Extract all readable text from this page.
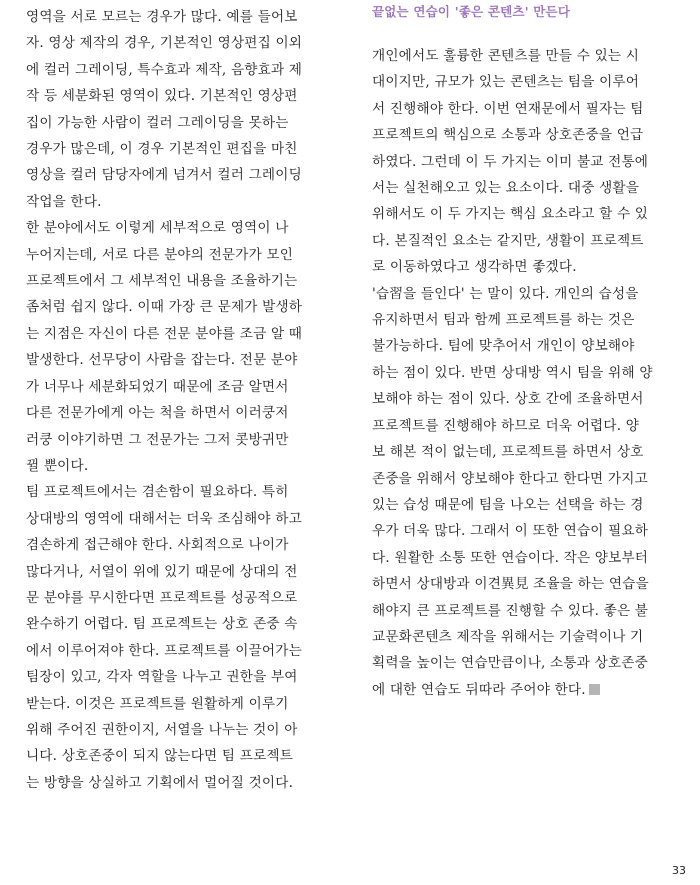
영역을 서로 모르는 경우가 많다. 예를 들어보
자. 영상 제작의 경우, 기본적인 영상편집 이외
에 컬러 그레이딩, 특수효과 제작, 음향효과 제
작 등 세분화된 영역이 있다. 기본적인 영상편
집이 가능한 사람이 컬러 그레이딩을 못하는
경우가 많은데, 이 경우 기본적인 편집을 마친
영상을 컬러 담당자에게 넘겨서 컬러 그레이딩
작업을 한다.

한 분야에서도 이렇게 세부적으로 영역이 나
누어지는데, 서로 다른 분야의 전문가가 모인
프로젝트에서 그 세부적인 내용을 조율하기는
좀처럼 쉽지 않다. 이때 가장 큰 문제가 발생하
는 지점은 자신이 다른 전문 분야를 조금 알 때
발생한다. 선무당이 사람을 잡는다. 전문 분야
가 너무나 세분화되었기 때문에 조금 알면서
다른 전문가에게 아는 척을 하면서 이러쿵저
러쿵 이야기하면 그 전문가는 그저 콧방귀만
뀔 뿐이다.

팀 프로젝트에서는 겸손함이 필요하다. 특히
상대방의 영역에 대해서는 더욱 조심해야 하고
겸손하게 접근해야 한다. 사회적으로 나이가
많다거나, 서열이 위에 있기 때문에 상대의 전
문 분야를 무시한다면 프로젝트를 성공적으로
완수하기 어렵다. 팀 프로젝트는 상호 존중 속
에서 이루어져야 한다. 프로젝트를 이끌어가는
팀장이 있고, 각자 역할을 나누고 권한을 부여
받는다. 이것은 프로젝트를 원활하게 이루기
위해 주어진 권한이지, 서열을 나누는 것이 아
니다. 상호존중이 되지 않는다면 팀 프로젝트
는 방향을 상실하고 기획에서 멀어질 것이다.

끝없는 연습이 '좋은 콘텐츠' 만든다

개인에서도 훌륭한 콘텐츠를 만들 수 있는 시
대이지만, 규모가 있는 콘텐츠는 팀을 이루어
서 진행해야 한다. 이번 연재문에서 필자는 팀
프로젝트의 핵심으로 소통과 상호존중을 언급
하였다. 그런데 이 두 가지는 이미 불교 전통에
서는 실천해오고 있는 요소이다. 대중 생활을
위해서도 이 두 가지는 핵심 요소라고 할 수 있
다. 본질적인 요소는 같지만, 생활이 프로젝트
로 이동하였다고 생각하면 좋겠다.

'습習을 들인다' 는 말이 있다. 개인의 습성을
유지하면서 팀과 함께 프로젝트를 하는 것은
불가능하다. 팀에 맞추어서 개인이 양보해야
하는 점이 있다. 반면 상대방 역시 팀을 위해 양
보해야 하는 점이 있다. 상호 간에 조율하면서
프로젝트를 진행해야 하므로 더욱 어렵다. 양
보 해본 적이 없는데, 프로젝트를 하면서 상호
존중을 위해서 양보해야 한다고 한다면 가지고
있는 습성 때문에 팀을 나오는 선택을 하는 경
우가 더욱 많다. 그래서 이 또한 연습이 필요하
다. 원활한 소통 또한 연습이다. 작은 양보부터
하면서 상대방과 이견異見 조율을 하는 연습을
해야지 큰 프로젝트를 진행할 수 있다. 좋은 불
교문화콘텐츠 제작을 위해서는 기술력이나 기
획력을 높이는 연습만큼이나, 소통과 상호존중
에 대한 연습도 뒤따라 주어야 한다.

33
